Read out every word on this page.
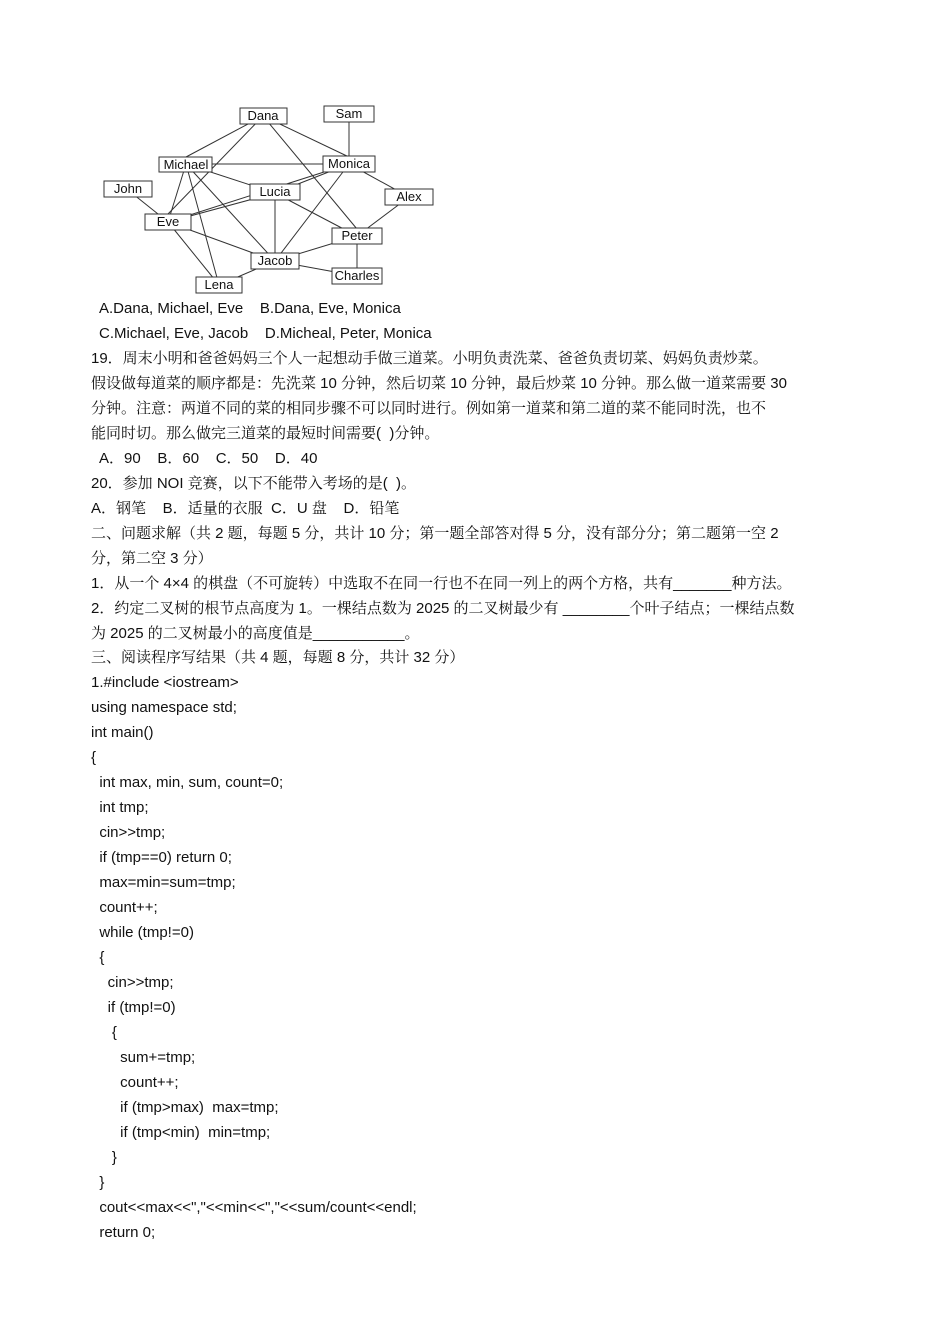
Dana	Sam
Michael	Monica
John	Lucia	Alex
Eve
Peter
Jacob
Charles
Lena
A.Dana, Michael, Eve    B.Dana, Eve, Monica
C.Michael, Eve, Jacob    D.Micheal, Peter, Monica
19．周末小明和爸爸妈妈三个人一起想动手做三道菜。小明负责洗菜、爸爸负责切菜、妈妈负责炒菜。
假设做每道菜的顺序都是：先洗菜 10 分钟，然后切菜 10 分钟，最后炒菜 10 分钟。那么做一道菜需要 30
分钟。注意：两道不同的菜的相同步骤不可以同时进行。例如第一道菜和第二道的菜不能同时洗，也不
能同时切。那么做完三道菜的最短时间需要(  )分钟。
A．90    B．60    C．50    D．40
20．参加 NOI 竞赛，以下不能带入考场的是(  )。
A．钢笔    B．适量的衣服  C．U 盘    D．铅笔
二、问题求解（共 2 题，每题 5 分，共计 10 分；第一题全部答对得 5 分，没有部分分；第二题第一空 2
分，第二空 3 分）
1．从一个 4×4 的棋盘（不可旋转）中选取不在同一行也不在同一列上的两个方格，共有_______种方法。
2．约定二叉树的根节点高度为 1。一棵结点数为 2025 的二叉树最少有 ________个叶子结点；一棵结点数
为 2025 的二叉树最小的高度值是___________。
三、阅读程序写结果（共 4 题，每题 8 分，共计 32 分）
1.#include <iostream>
using namespace std;
int main()
{
int max, min, sum, count=0;
int tmp;
cin>>tmp;
if (tmp==0) return 0;
max=min=sum=tmp;
count++;
while (tmp!=0)
{
cin>>tmp;
if (tmp!=0)
{
sum+=tmp;
count++;
if (tmp>max)  max=tmp;
if (tmp<min)  min=tmp;
}
}
cout<<max<<","<<min<<","<<sum/count<<endl;
return 0;
